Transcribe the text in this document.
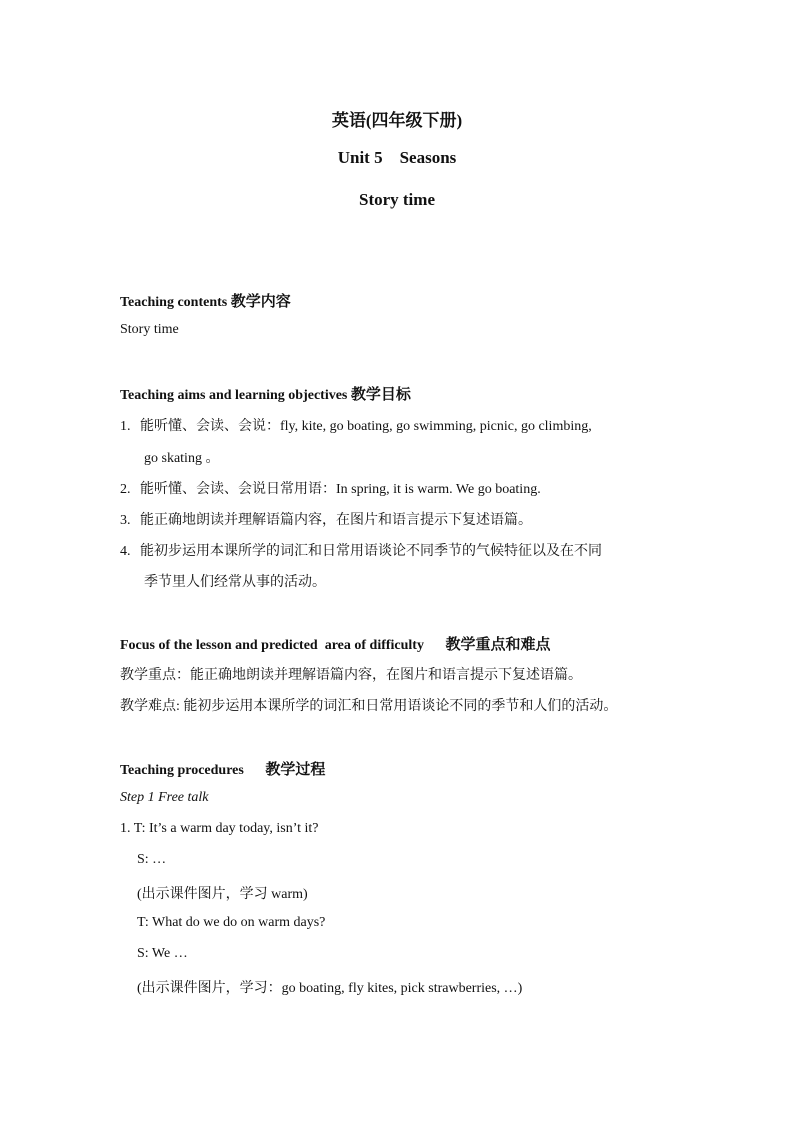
英语(四年级下册)
Unit 5    Seasons
Story time
Teaching contents 教学内容
Story time
Teaching aims and learning objectives 教学目标
1. 能听懂、会读、会说：fly, kite, go boating, go swimming, picnic, go climbing,
go skating 。
2. 能听懂、会读、会说日常用语：In spring, it is warm. We go boating.
3. 能正确地朗读并理解语篇内容，在图片和语言提示下复述语篇。
4. 能初步运用本课所学的词汇和日常用语谈论不同季节的气候特征以及在不同
季节里人们经常从事的活动。
Focus of the lesson and predicted  area of difficulty 教学重点和难点
教学重点：能正确地朗读并理解语篇内容，在图片和语言提示下复述语篇。
教学难点: 能初步运用本课所学的词汇和日常用语谈论不同的季节和人们的活动。
Teaching procedures 教学过程
Step 1 Free talk
1. T: It’s a warm day today, isn’t it?
S: …
(出示课件图片，学习 warm)
T: What do we do on warm days?
S: We …
(出示课件图片，学习：go boating, fly kites, pick strawberries, …)
